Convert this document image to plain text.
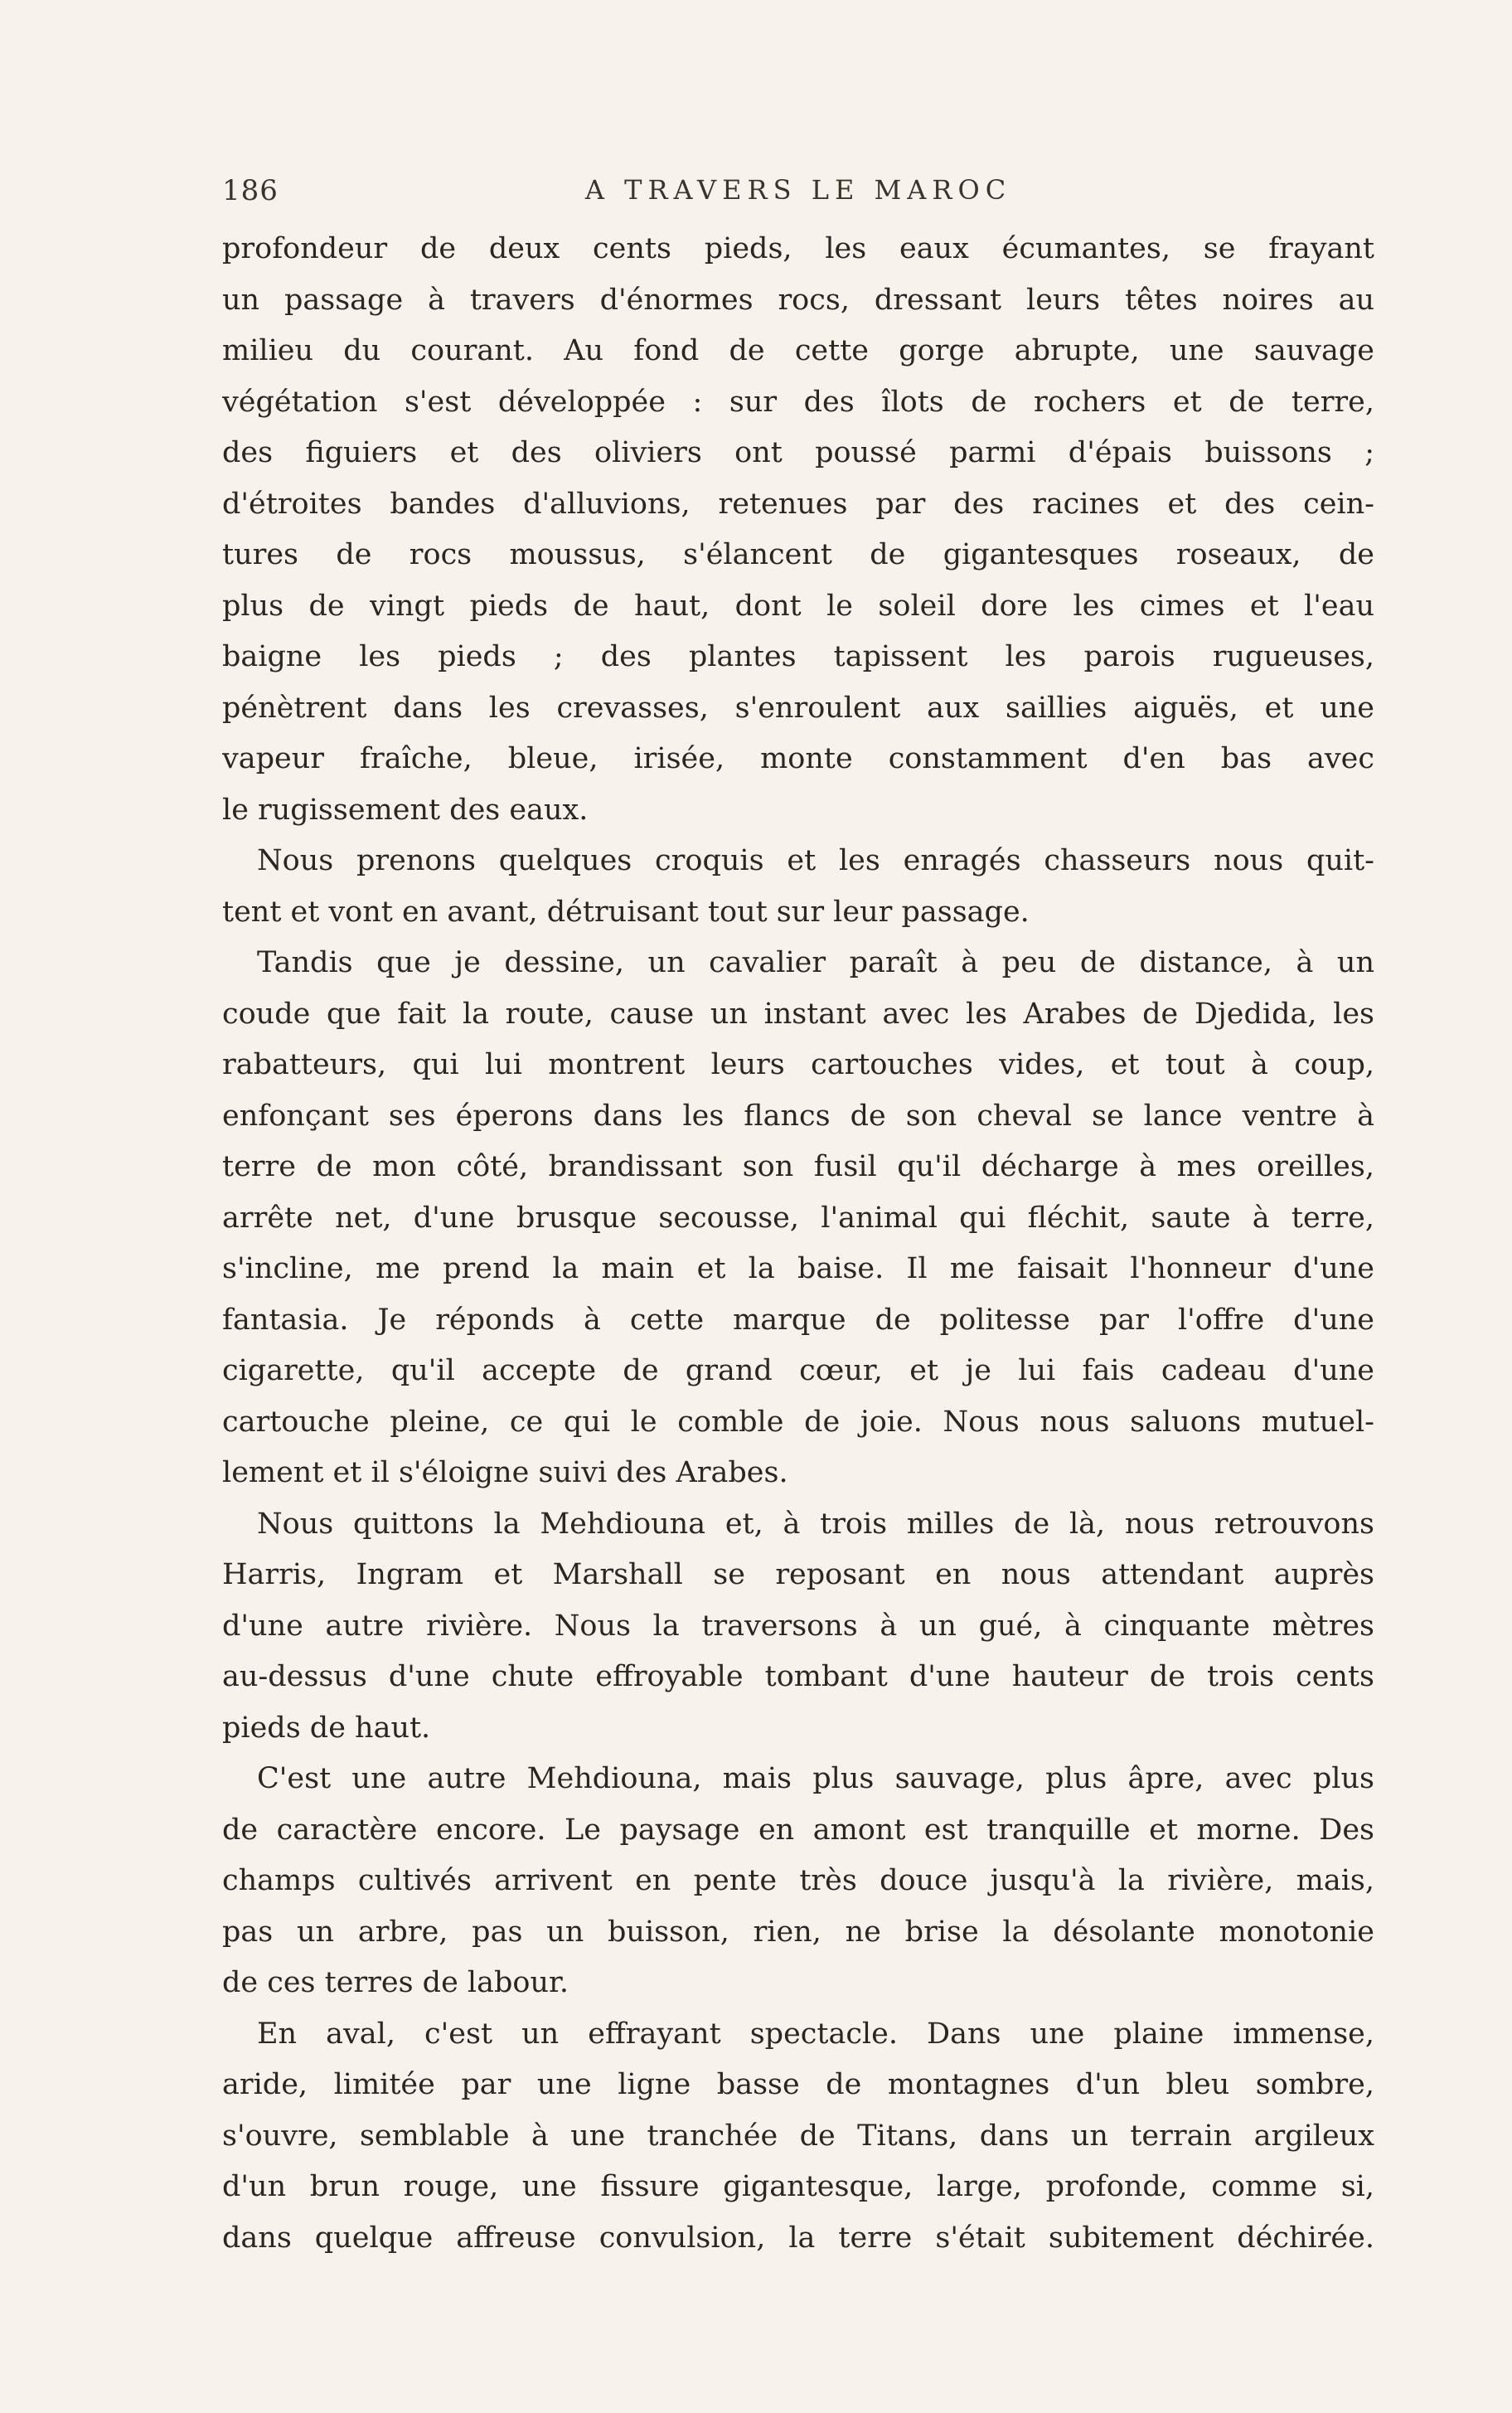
186	A TRAVERS LE MAROC
profondeur de deux cents pieds, les eaux écumantes, se frayant
un passage à travers d'énormes rocs, dressant leurs têtes noires au
milieu du courant. Au fond de cette gorge abrupte, une sauvage
végétation s'est développée : sur des îlots de rochers et de terre,
des figuiers et des oliviers ont poussé parmi d'épais buissons ;
d'étroites bandes d'alluvions, retenues par des racines et des cein-
tures de rocs moussus, s'élancent de gigantesques roseaux, de
plus de vingt pieds de haut, dont le soleil dore les cimes et l'eau
baigne les pieds ; des plantes tapissent les parois rugueuses,
pénètrent dans les crevasses, s'enroulent aux saillies aiguës, et une
vapeur fraîche, bleue, irisée, monte constamment d'en bas avec
le rugissement des eaux.
Nous prenons quelques croquis et les enragés chasseurs nous quit-
tent et vont en avant, détruisant tout sur leur passage.
Tandis que je dessine, un cavalier paraît à peu de distance, à un
coude que fait la route, cause un instant avec les Arabes de Djedida, les
rabatteurs, qui lui montrent leurs cartouches vides, et tout à coup,
enfonçant ses éperons dans les flancs de son cheval se lance ventre à
terre de mon côté, brandissant son fusil qu'il décharge à mes oreilles,
arrête net, d'une brusque secousse, l'animal qui fléchit, saute à terre,
s'incline, me prend la main et la baise. Il me faisait l'honneur d'une
fantasia. Je réponds à cette marque de politesse par l'offre d'une
cigarette, qu'il accepte de grand cœur, et je lui fais cadeau d'une
cartouche pleine, ce qui le comble de joie. Nous nous saluons mutuel-
lement et il s'éloigne suivi des Arabes.
Nous quittons la Mehdiouna et, à trois milles de là, nous retrouvons
Harris, Ingram et Marshall se reposant en nous attendant auprès
d'une autre rivière. Nous la traversons à un gué, à cinquante mètres
au-dessus d'une chute effroyable tombant d'une hauteur de trois cents
pieds de haut.
C'est une autre Mehdiouna, mais plus sauvage, plus âpre, avec plus
de caractère encore. Le paysage en amont est tranquille et morne. Des
champs cultivés arrivent en pente très douce jusqu'à la rivière, mais,
pas un arbre, pas un buisson, rien, ne brise la désolante monotonie
de ces terres de labour.
En aval, c'est un effrayant spectacle. Dans une plaine immense,
aride, limitée par une ligne basse de montagnes d'un bleu sombre,
s'ouvre, semblable à une tranchée de Titans, dans un terrain argileux
d'un brun rouge, une fissure gigantesque, large, profonde, comme si,
dans quelque affreuse convulsion, la terre s'était subitement déchirée.
